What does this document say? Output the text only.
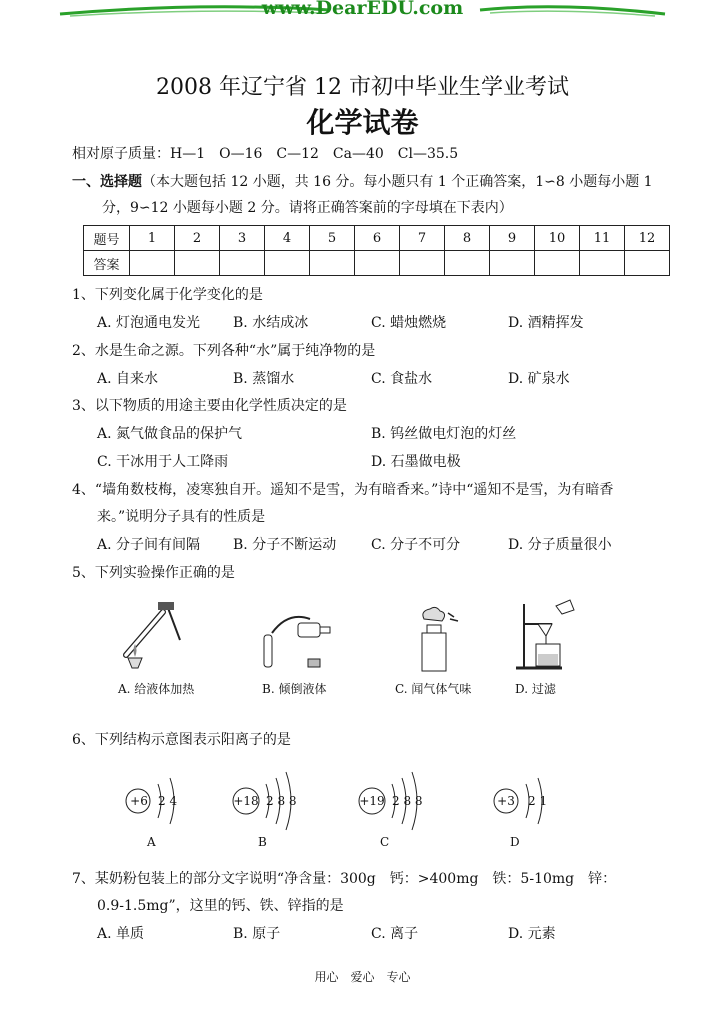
www.DearEDU.com
2008 年辽宁省 12 市初中毕业生学业考试
化学试卷
相对原子质量：H—1　O—16　C—12　Ca—40　Cl—35.5
一、选择题（本大题包括 12 小题，共 16 分。每小题只有 1 个正确答案，1∽8 小题每小题 1
分，9∽12 小题每小题 2 分。请将正确答案前的字母填在下表内）
题号	1	2	3	4	5	6	7	8	9	10	11	12
答案												
1、下列变化属于化学变化的是
A. 灯泡通电发光 B. 水结成冰	C. 蜡烛燃烧	D. 酒精挥发
2、水是生命之源。下列各种“水”属于纯净物的是
A. 自来水	B. 蒸馏水	C. 食盐水	D. 矿泉水
3、以下物质的用途主要由化学性质决定的是
A. 氮气做食品的保护气	B. 钨丝做电灯泡的灯丝
C. 干冰用于人工降雨	D. 石墨做电极
4、“墙角数枝梅，凌寒独自开。遥知不是雪，为有暗香来。”诗中“遥知不是雪，为有暗香
来。”说明分子具有的性质是
A. 分子间有间隔 B. 分子不断运动 C. 分子不可分	D. 分子质量很小
5、下列实验操作正确的是
A. 给液体加热	B. 倾倒液体	C. 闻气体气味	D. 过滤
6、下列结构示意图表示阳离子的是
+6 2 4
A
+18 2 8 8
B
+19 2 8 8
C
+3 2 1
D
7、某奶粉包装上的部分文字说明“净含量：300g　钙：>400mg　铁：5-10mg　锌：
0.9-1.5mg”，这里的钙、铁、锌指的是
A. 单质	B. 原子	C. 离子	D. 元素
用心　爱心　专心
